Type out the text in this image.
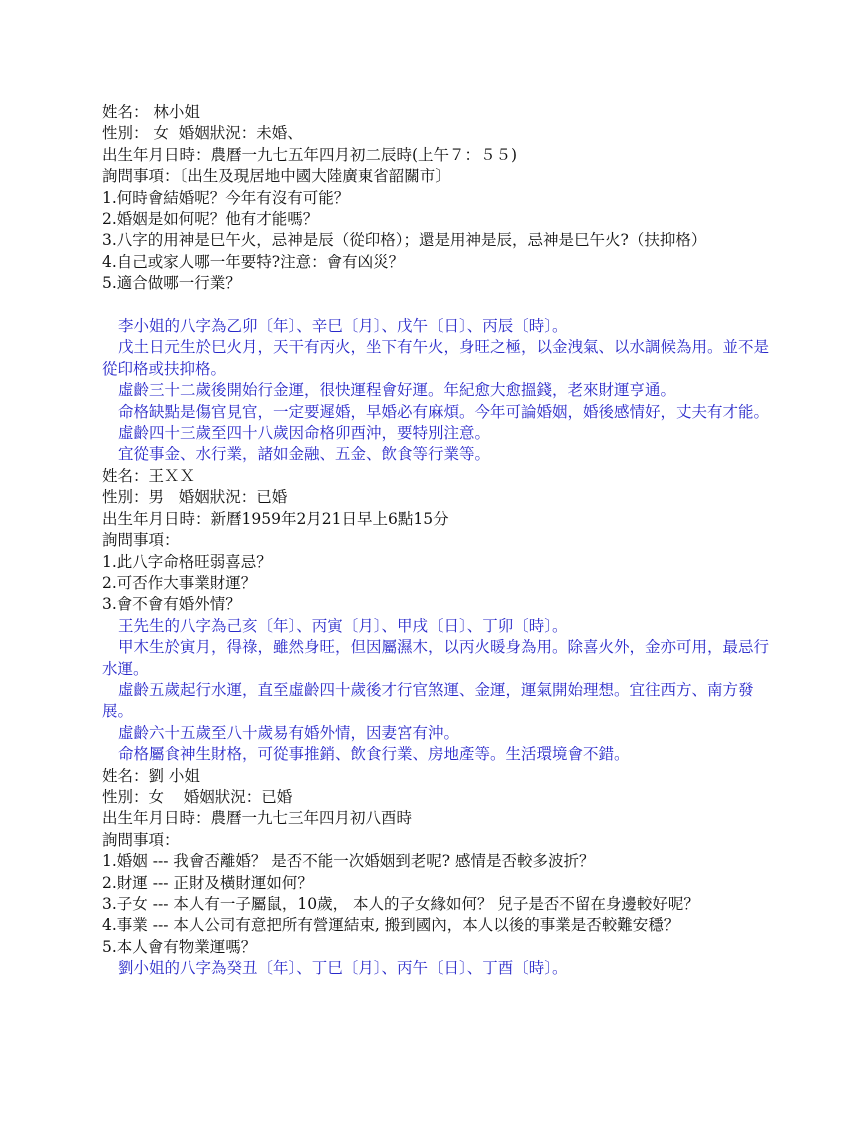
姓名： 林小姐
性別： 女  婚姻狀況：未婚、
出生年月日時：農曆一九七五年四月初二辰時(上午７：５５)
詢問事項：〔出生及現居地中國大陸廣東省韶關市〕
1.何時會結婚呢？今年有沒有可能？
2.婚姻是如何呢？他有才能嗎？
3.八字的用神是巳午火，忌神是辰（從印格）；還是用神是辰，忌神是巳午火?（扶抑格）
4.自己或家人哪一年要特?注意：會有凶災？
5.適合做哪一行業？
李小姐的八字為乙卯〔年〕、辛巳〔月〕、戊午〔日〕、丙辰〔時〕。
戊土日元生於巳火月，天干有丙火，坐下有午火，身旺之極，以金洩氣、以水調候為用。並不是從印格或扶抑格。
虛齡三十二歲後開始行金運，很快運程會好運。年紀愈大愈搵錢，老來財運亨通。
命格缺點是傷官見官，一定要遲婚，早婚必有麻煩。今年可論婚姻，婚後感情好，丈夫有才能。
虛齡四十三歲至四十八歲因命格卯酉沖，要特別注意。
宜從事金、水行業，諸如金融、五金、飲食等行業等。
姓名：王ＸＸ
性別：男   婚姻狀況：已婚
出生年月日時：新曆1959年2月21日早上6點15分
詢問事項：
1.此八字命格旺弱喜忌？
2.可否作大事業財運？
3.會不會有婚外情？
王先生的八字為己亥〔年〕、丙寅〔月〕、甲戌〔日〕、丁卯〔時〕。
甲木生於寅月，得祿，雖然身旺，但因屬濕木，以丙火暖身為用。除喜火外，金亦可用，最忌行水運。
虛齡五歲起行水運，直至虛齡四十歲後才行官煞運、金運，運氣開始理想。宜往西方、南方發展。
虛齡六十五歲至八十歲易有婚外情，因妻宮有沖。
命格屬食神生財格，可從事推銷、飲食行業、房地產等。生活環境會不錯。
姓名：劉 小姐
性別：女    婚姻狀況：已婚
出生年月日時：農曆一九七三年四月初八酉時
詢問事項：
1.婚姻 --- 我會否離婚？ 是否不能一次婚姻到老呢? 感情是否較多波折？
2.財運 --- 正財及橫財運如何？
3.子女 --- 本人有一子屬鼠，10歲， 本人的子女緣如何？ 兒子是否不留在身邊較好呢？
4.事業 --- 本人公司有意把所有營運結束, 搬到國內，本人以後的事業是否較難安穩？
5.本人會有物業運嗎？
劉小姐的八字為癸丑〔年〕、丁巳〔月〕、丙午〔日〕、丁酉〔時〕。
